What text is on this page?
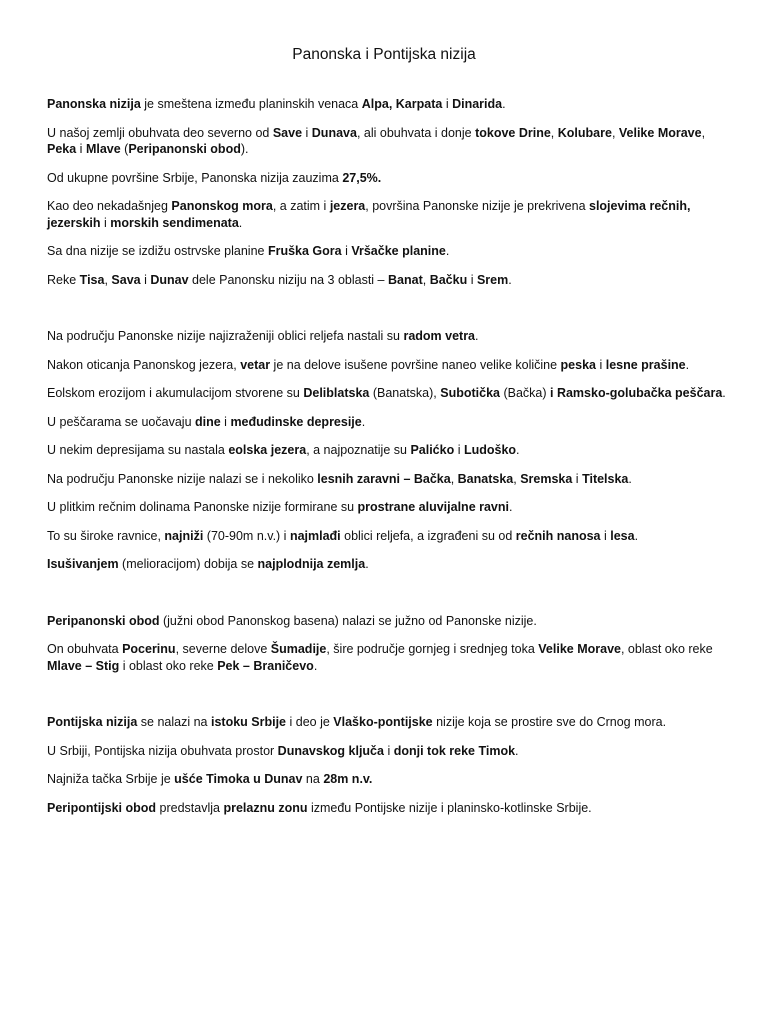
Panonska i Pontijska nizija

Panonska nizija je smeštena između planinskih venaca Alpa, Karpata i Dinarida.

U našoj zemlji obuhvata deo severno od Save i Dunava, ali obuhvata i donje tokove Drine, Kolubare, Velike Morave, Peka i Mlave (Peripanonski obod).

Od ukupne površine Srbije, Panonska nizija zauzima 27,5%.

Kao deo nekadašnjeg Panonskog mora, a zatim i jezera, površina Panonske nizije je prekrivena slojevima rečnih, jezerskih i morskih sendimenata.

Sa dna nizije se izdižu ostrvske planine Fruška Gora i Vršačke planine.

Reke Tisa, Sava i Dunav dele Panonsku niziju na 3 oblasti – Banat, Bačku i Srem.

Na području Panonske nizije najizraženiji oblici reljefa nastali su radom vetra.

Nakon oticanja Panonskog jezera, vetar je na delove isušene površine naneo velike količine peska i lesne prašine.

Eolskom erozijom i akumulacijom stvorene su Deliblatska (Banatska), Subotička (Bačka) i Ramsko-golubačka peščara.

U peščarama se uočavaju dine i međudinske depresije.

U nekim depresijama su nastala eolska jezera, a najpoznatije su Palićko i Ludoško.

Na području Panonske nizije nalazi se i nekoliko lesnih zaravni – Bačka, Banatska, Sremska i Titelska.

U plitkim rečnim dolinama Panonske nizije formirane su prostrane aluvijalne ravni.

To su široke ravnice, najniži (70-90m n.v.) i najmlađi oblici reljefa, a izgrađeni su od rečnih nanosa i lesa.

Isušivanjem (melioracijom) dobija se najplodnija zemlja.

Peripanonski obod (južni obod Panonskog basena) nalazi se južno od Panonske nizije.

On obuhvata Pocerinu, severne delove Šumadije, šire područje gornjeg i srednjeg toka Velike Morave, oblast oko reke Mlave – Stig i oblast oko reke Pek – Braničevo.

Pontijska nizija se nalazi na istoku Srbije i deo je Vlaško-pontijske nizije koja se prostire sve do Crnog mora.

U Srbiji, Pontijska nizija obuhvata prostor Dunavskog ključa i donji tok reke Timok.

Najniža tačka Srbije je ušće Timoka u Dunav na 28m n.v.

Peripontijski obod predstavlja prelaznu zonu između Pontijske nizije i planinsko-kotlinske Srbije.
